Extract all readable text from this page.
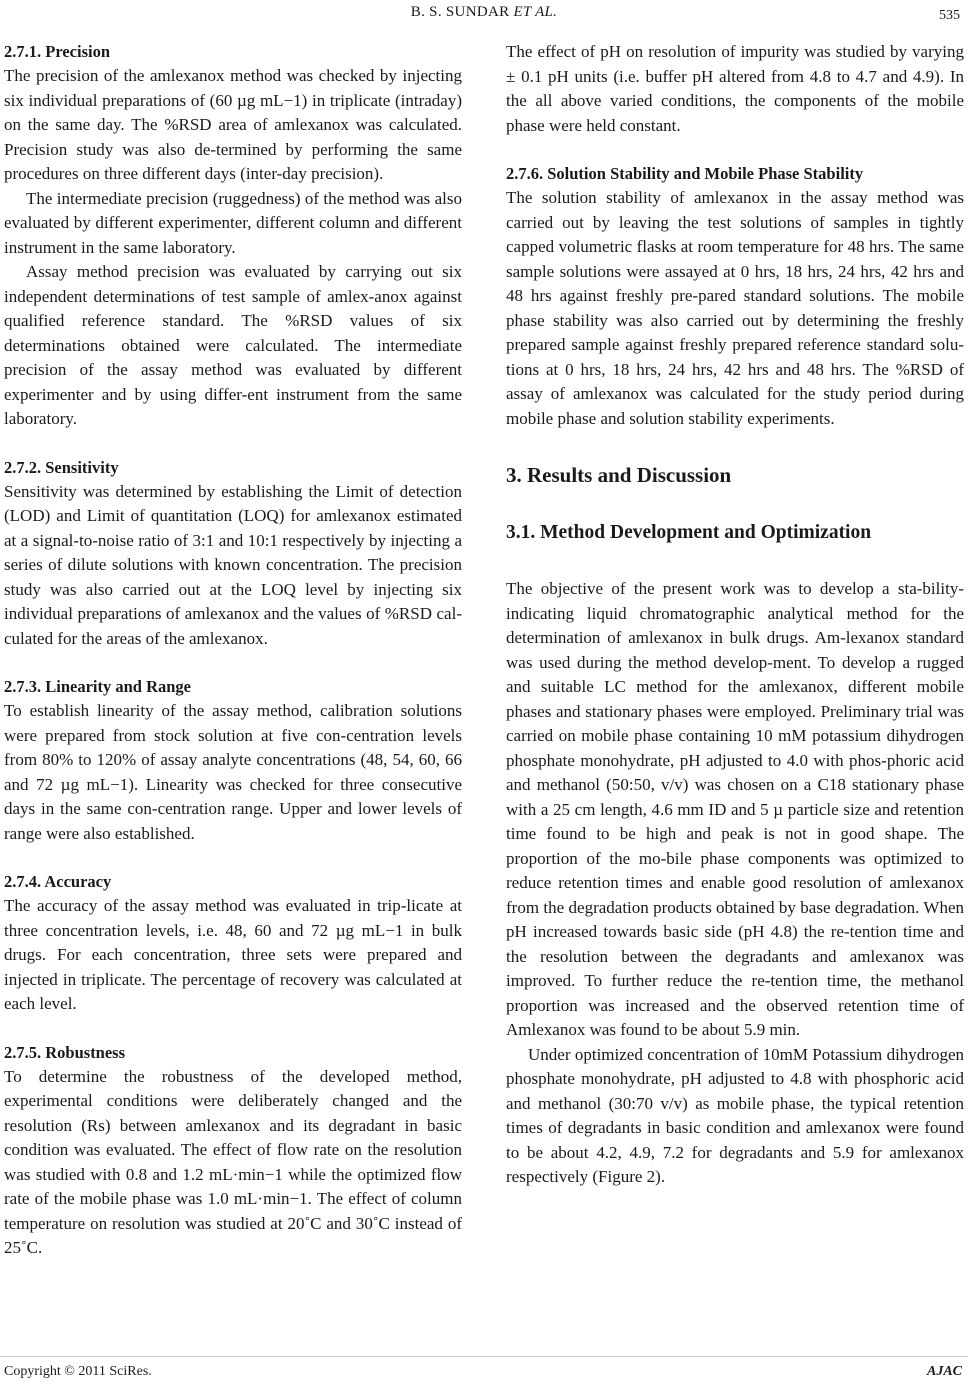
B. S. SUNDAR ET AL.	535
2.7.1. Precision

The precision of the amlexanox method was checked by injecting six individual preparations of (60 µg mL−1) in triplicate (intraday) on the same day. The %RSD area of amlexanox was calculated. Precision study was also de-termined by performing the same procedures on three different days (inter-day precision).

The intermediate precision (ruggedness) of the method was also evaluated by different experimenter, different column and different instrument in the same laboratory.

Assay method precision was evaluated by carrying out six independent determinations of test sample of amlex-anox against qualified reference standard. The %RSD values of six determinations obtained were calculated. The intermediate precision of the assay method was evaluated by different experimenter and by using differ-ent instrument from the same laboratory.

2.7.2. Sensitivity

Sensitivity was determined by establishing the Limit of detection (LOD) and Limit of quantitation (LOQ) for amlexanox estimated at a signal-to-noise ratio of 3:1 and 10:1 respectively by injecting a series of dilute solutions with known concentration. The precision study was also carried out at the LOQ level by injecting six individual preparations of amlexanox and the values of %RSD cal-culated for the areas of the amlexanox.

2.7.3. Linearity and Range

To establish linearity of the assay method, calibration solutions were prepared from stock solution at five con-centration levels from 80% to 120% of assay analyte concentrations (48, 54, 60, 66 and 72 µg mL−1). Linearity was checked for three consecutive days in the same con-centration range. Upper and lower levels of range were also established.

2.7.4. Accuracy

The accuracy of the assay method was evaluated in trip-licate at three concentration levels, i.e. 48, 60 and 72 µg mL−1 in bulk drugs. For each concentration, three sets were prepared and injected in triplicate. The percentage of recovery was calculated at each level.

2.7.5. Robustness

To determine the robustness of the developed method, experimental conditions were deliberately changed and the resolution (Rs) between amlexanox and its degradant in basic condition was evaluated. The effect of flow rate on the resolution was studied with 0.8 and 1.2 mL·min−1 while the optimized flow rate of the mobile phase was 1.0 mL·min−1. The effect of column temperature on resolution was studied at 20˚C and 30˚C instead of 25˚C.

The effect of pH on resolution of impurity was studied by varying ± 0.1 pH units (i.e. buffer pH altered from 4.8 to 4.7 and 4.9). In the all above varied conditions, the components of the mobile phase were held constant.

2.7.6. Solution Stability and Mobile Phase Stability

The solution stability of amlexanox in the assay method was carried out by leaving the test solutions of samples in tightly capped volumetric flasks at room temperature for 48 hrs. The same sample solutions were assayed at 0 hrs, 18 hrs, 24 hrs, 42 hrs and 48 hrs against freshly pre-pared standard solutions. The mobile phase stability was also carried out by determining the freshly prepared sample against freshly prepared reference standard solu-tions at 0 hrs, 18 hrs, 24 hrs, 42 hrs and 48 hrs. The %RSD of assay of amlexanox was calculated for the study period during mobile phase and solution stability experiments.

3. Results and Discussion
3.1. Method Development and Optimization

The objective of the present work was to develop a sta-bility-indicating liquid chromatographic analytical method for the determination of amlexanox in bulk drugs. Am-lexanox standard was used during the method develop-ment. To develop a rugged and suitable LC method for the amlexanox, different mobile phases and stationary phases were employed. Preliminary trial was carried on mobile phase containing 10 mM potassium dihydrogen phosphate monohydrate, pH adjusted to 4.0 with phos-phoric acid and methanol (50:50, v/v) was chosen on a C18 stationary phase with a 25 cm length, 4.6 mm ID and 5 µ particle size and retention time found to be high and peak is not in good shape. The proportion of the mo-bile phase components was optimized to reduce retention times and enable good resolution of amlexanox from the degradation products obtained by base degradation. When pH increased towards basic side (pH 4.8) the re-tention time and the resolution between the degradants and amlexanox was improved. To further reduce the re-tention time, the methanol proportion was increased and the observed retention time of Amlexanox was found to be about 5.9 min.

Under optimized concentration of 10mM Potassium dihydrogen phosphate monohydrate, pH adjusted to 4.8 with phosphoric acid and methanol (30:70 v/v) as mobile phase, the typical retention times of degradants in basic condition and amlexanox were found to be about 4.2, 4.9, 7.2 for degradants and 5.9 for amlexanox respectively (Figure 2).

Copyright © 2011 SciRes.	AJAC
